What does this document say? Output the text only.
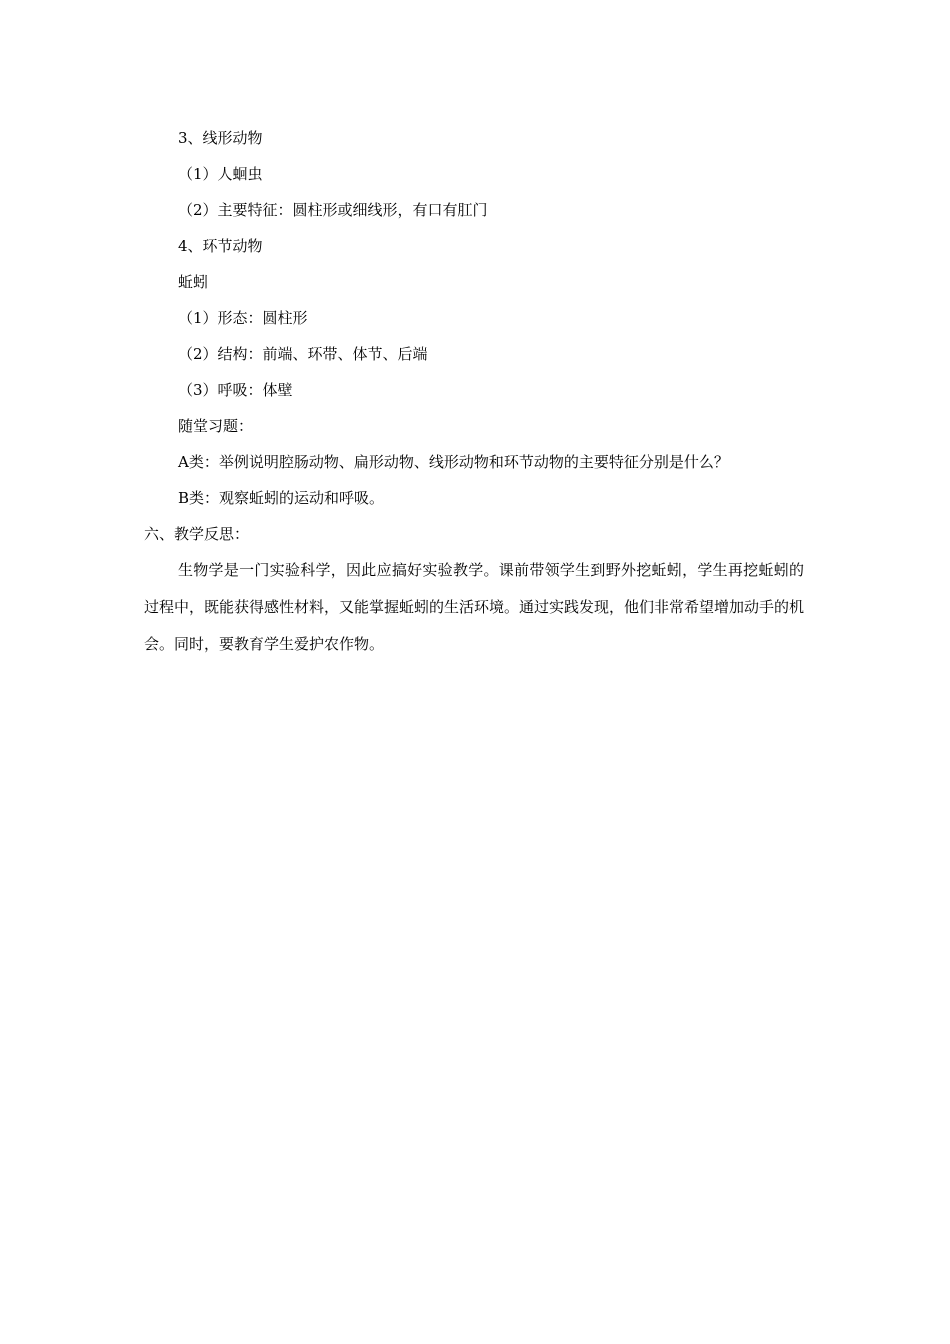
3、线形动物
（1）人蛔虫
（2）主要特征：圆柱形或细线形，有口有肛门
4、环节动物
蚯蚓
（1）形态：圆柱形
（2）结构：前端、环带、体节、后端
（3）呼吸：体壁
随堂习题：
A类：举例说明腔肠动物、扁形动物、线形动物和环节动物的主要特征分别是什么？
B类：观察蚯蚓的运动和呼吸。
六、教学反思：
生物学是一门实验科学，因此应搞好实验教学。课前带领学生到野外挖蚯蚓，学生再挖蚯蚓的过程中，既能获得感性材料，又能掌握蚯蚓的生活环境。通过实践发现，他们非常希望增加动手的机会。同时，要教育学生爱护农作物。
